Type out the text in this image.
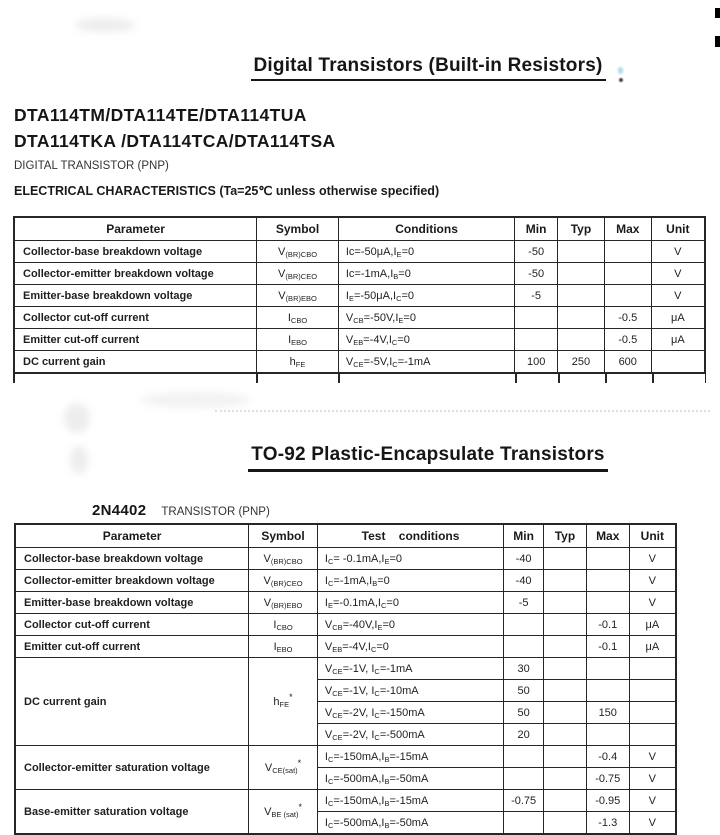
Digital Transistors (Built-in Resistors)
DTA114TM/DTA114TE/DTA114TUA
DTA114TKA /DTA114TCA/DTA114TSA
DIGITAL TRANSISTOR (PNP)
ELECTRICAL CHARACTERISTICS (Ta=25℃ unless otherwise specified)
Parameter	Symbol	Conditions	Min	Typ	Max	Unit
Collector-base breakdown voltage	$V_{(BR)CBO}$	$Ic=-50\mu A,I_E=0$	-50			V
Collector-emitter breakdown voltage	$V_{(BR)CEO}$	$Ic=-1mA,I_B=0$	-50			V
Emitter-base breakdown voltage	$V_{(BR)EBO}$	$I_E=-50\mu A,I_C=0$	-5			V
Collector cut-off current	$I_{CBO}$	$V_{CB}=-50V,I_E=0$			-0.5	μA
Emitter cut-off current	$I_{EBO}$	$V_{EB}=-4V,I_C=0$			-0.5	μA
DC current gain	$h_{FE}$	$V_{CE}=-5V,I_C=-1mA$	100	250	600	
TO-92 Plastic-Encapsulate Transistors
2N4402 TRANSISTOR (PNP)
Parameter	Symbol	Test    conditions	Min	Typ	Max	Unit
Collector-base breakdown voltage	$V_{(BR)CBO}$	$I_C= -0.1mA,I_E=0$	-40			V
Collector-emitter breakdown voltage	$V_{(BR)CEO}$	$I_C=-1mA,I_B=0$	-40			V
Emitter-base breakdown voltage	$V_{(BR)EBO}$	$I_E=-0.1mA,I_C=0$	-5			V
Collector cut-off current	$I_{CBO}$	$V_{CB}=-40V,I_E=0$			-0.1	μA
Emitter cut-off current	$I_{EBO}$	$V_{EB}=-4V,I_C=0$			-0.1	μA
DC current gain	$h_{FE}^*$	$V_{CE}=-1V$, $I_C=-1mA$	30			
		$V_{CE}=-1V$, $I_C=-10mA$	50			
		$V_{CE}=-2V$, $I_C=-150mA$	50		150	
		$V_{CE}=-2V$, $I_C=-500mA$	20			
Collector-emitter saturation voltage	$V_{CE(sat)}^*$	$I_C=-150mA,I_B=-15mA$			-0.4	V
		$I_C=-500mA,I_B=-50mA$			-0.75	V
Base-emitter saturation voltage	$V_{BE (sat)}^*$	$I_C=-150mA,I_B=-15mA$	-0.75		-0.95	V
		$I_C=-500mA,I_B=-50mA$			-1.3	V
